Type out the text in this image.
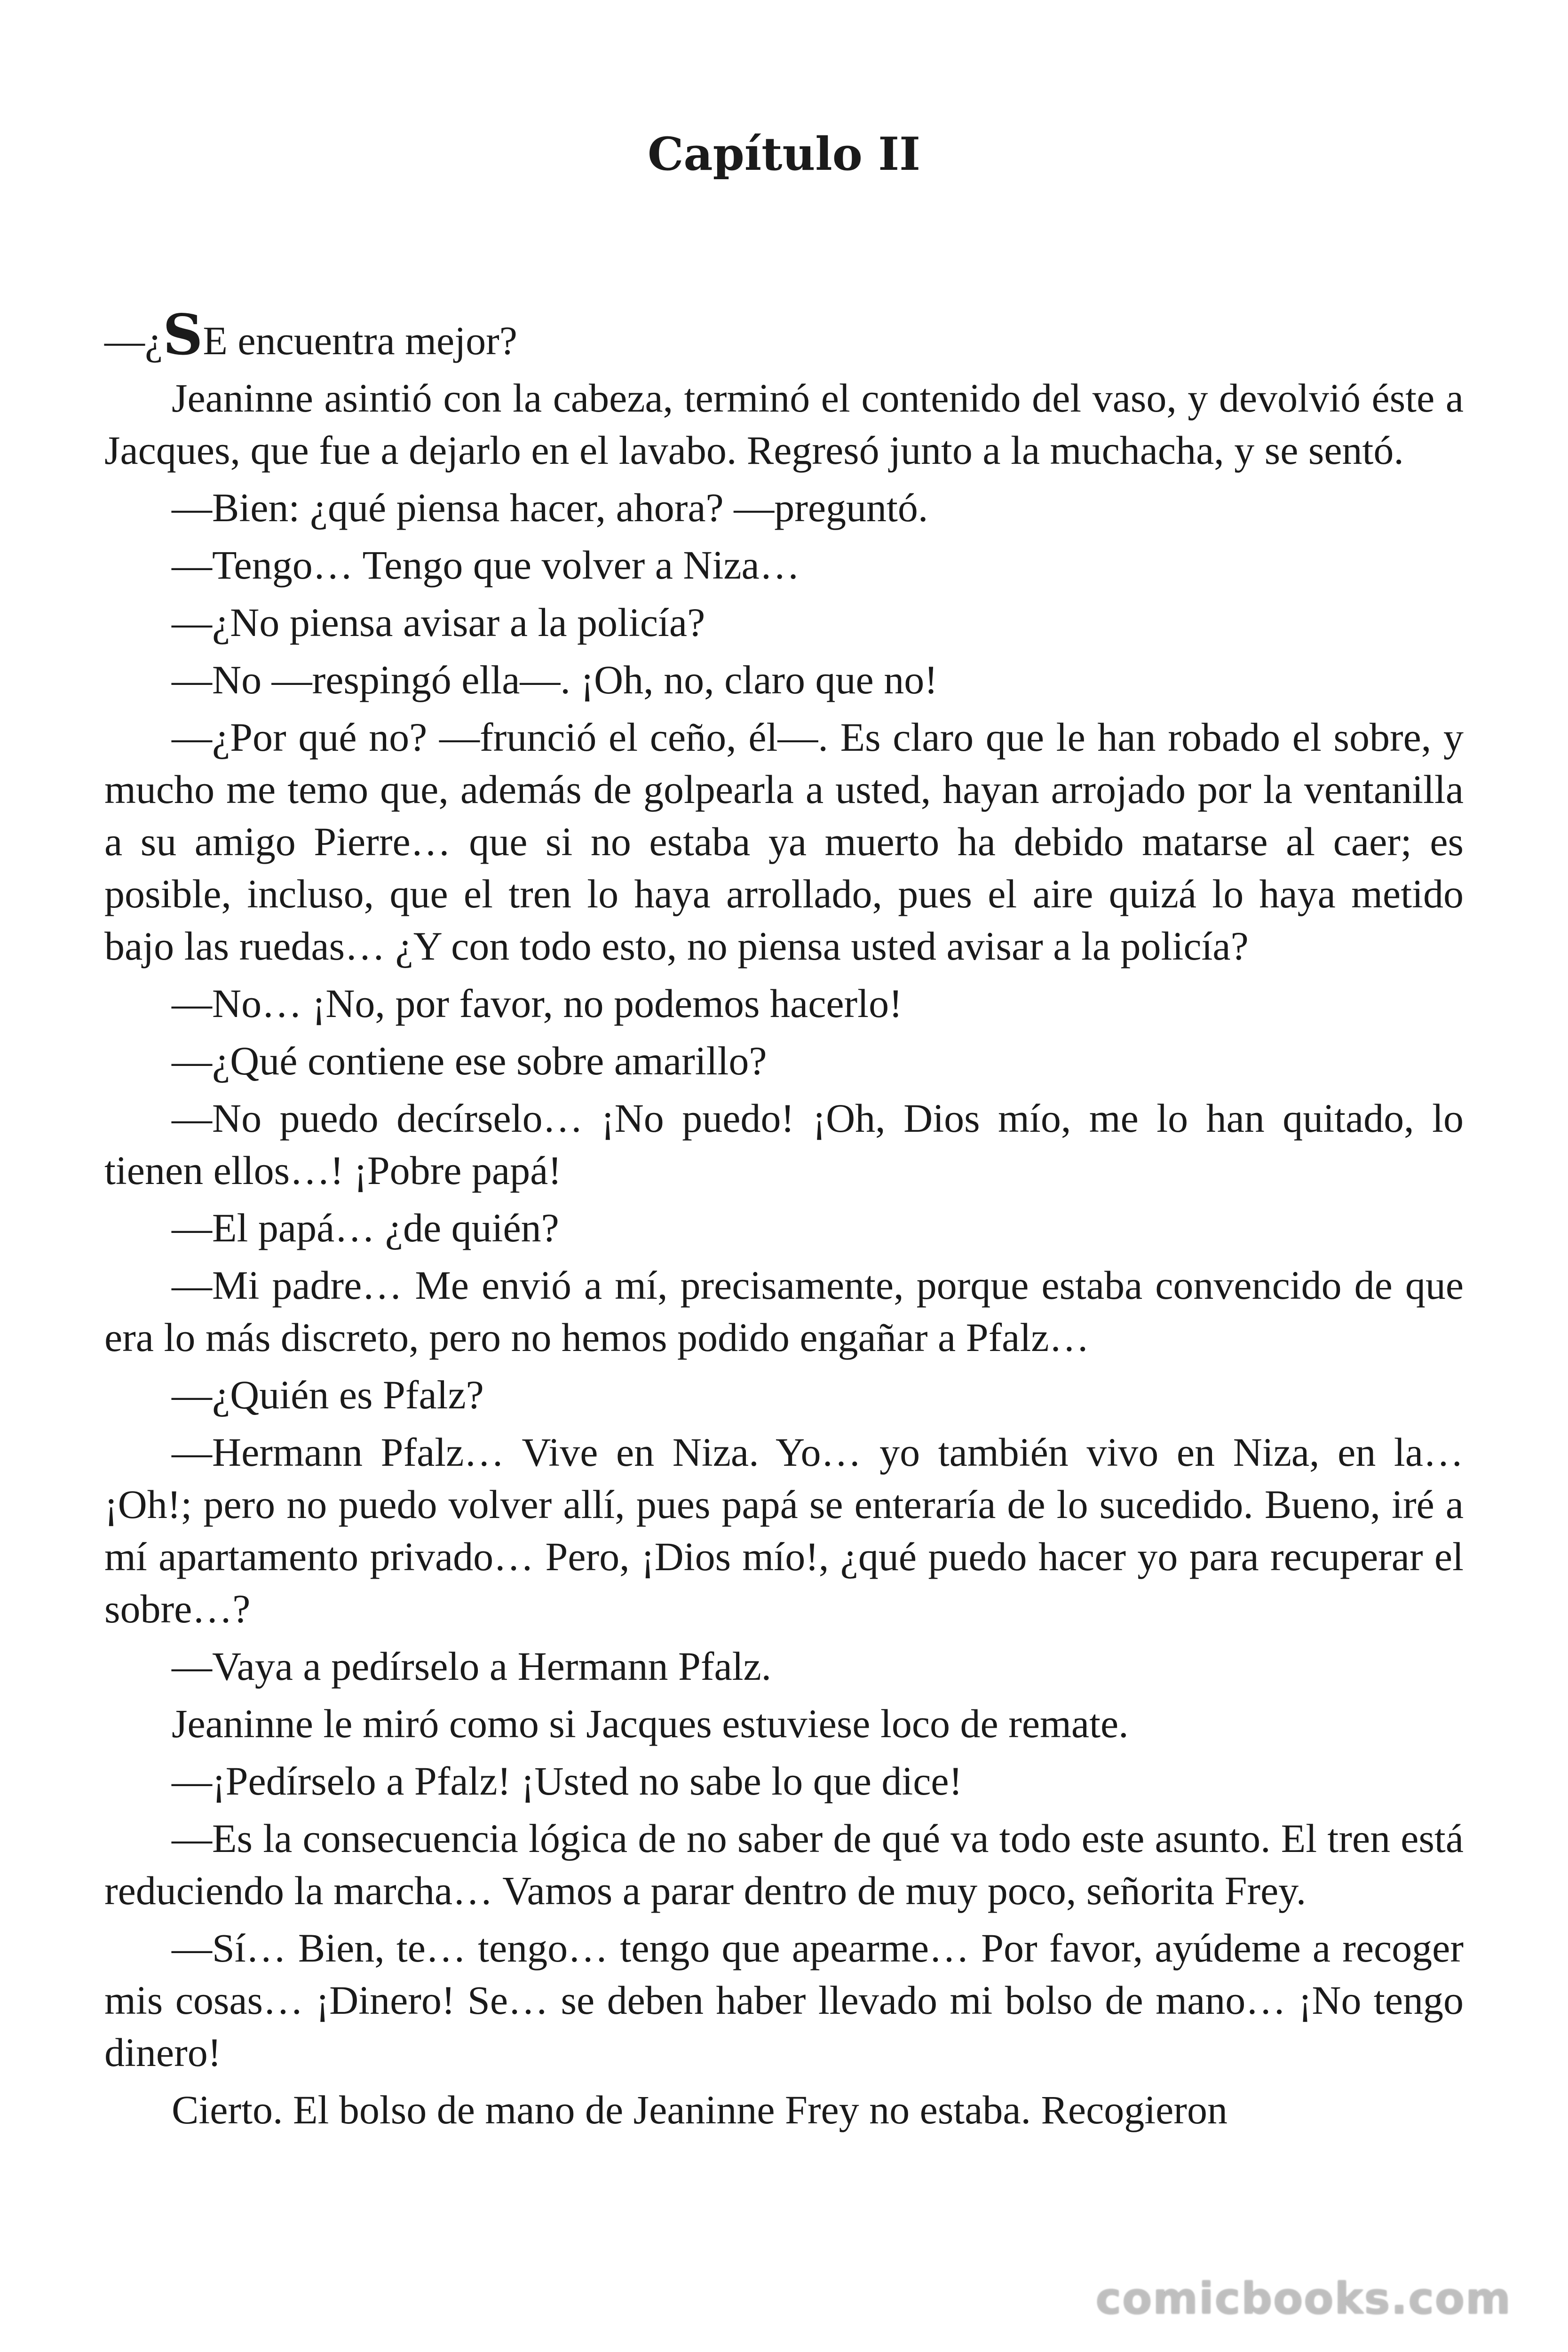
Capítulo II

—¿SE encuentra mejor?

Jeaninne asintió con la cabeza, terminó el contenido del vaso, y devolvió éste a Jacques, que fue a dejarlo en el lavabo. Regresó junto a la muchacha, y se sentó.

—Bien: ¿qué piensa hacer, ahora? —preguntó.

—Tengo… Tengo que volver a Niza…

—¿No piensa avisar a la policía?

—No —respingó ella—. ¡Oh, no, claro que no!

—¿Por qué no? —frunció el ceño, él—. Es claro que le han robado el sobre, y mucho me temo que, además de golpearla a usted, hayan arrojado por la ventanilla a su amigo Pierre… que si no estaba ya muerto ha debido matarse al caer; es posible, incluso, que el tren lo haya arrollado, pues el aire quizá lo haya metido bajo las ruedas… ¿Y con todo esto, no piensa usted avisar a la policía?

—No… ¡No, por favor, no podemos hacerlo!

—¿Qué contiene ese sobre amarillo?

—No puedo decírselo… ¡No puedo! ¡Oh, Dios mío, me lo han quitado, lo tienen ellos…! ¡Pobre papá!

—El papá… ¿de quién?

—Mi padre… Me envió a mí, precisamente, porque estaba convencido de que era lo más discreto, pero no hemos podido engañar a Pfalz…

—¿Quién es Pfalz?

—Hermann Pfalz… Vive en Niza. Yo… yo también vivo en Niza, en la… ¡Oh!; pero no puedo volver allí, pues papá se enteraría de lo sucedido. Bueno, iré a mí apartamento privado… Pero, ¡Dios mío!, ¿qué puedo hacer yo para recuperar el sobre…?

—Vaya a pedírselo a Hermann Pfalz.

Jeaninne le miró como si Jacques estuviese loco de remate.

—¡Pedírselo a Pfalz! ¡Usted no sabe lo que dice!

—Es la consecuencia lógica de no saber de qué va todo este asunto. El tren está reduciendo la marcha… Vamos a parar dentro de muy poco, señorita Frey.

—Sí… Bien, te… tengo… tengo que apearme… Por favor, ayúdeme a recoger mis cosas… ¡Dinero! Se… se deben haber llevado mi bolso de mano… ¡No tengo dinero!

Cierto. El bolso de mano de Jeaninne Frey no estaba. Recogieron

comicbooks.com
